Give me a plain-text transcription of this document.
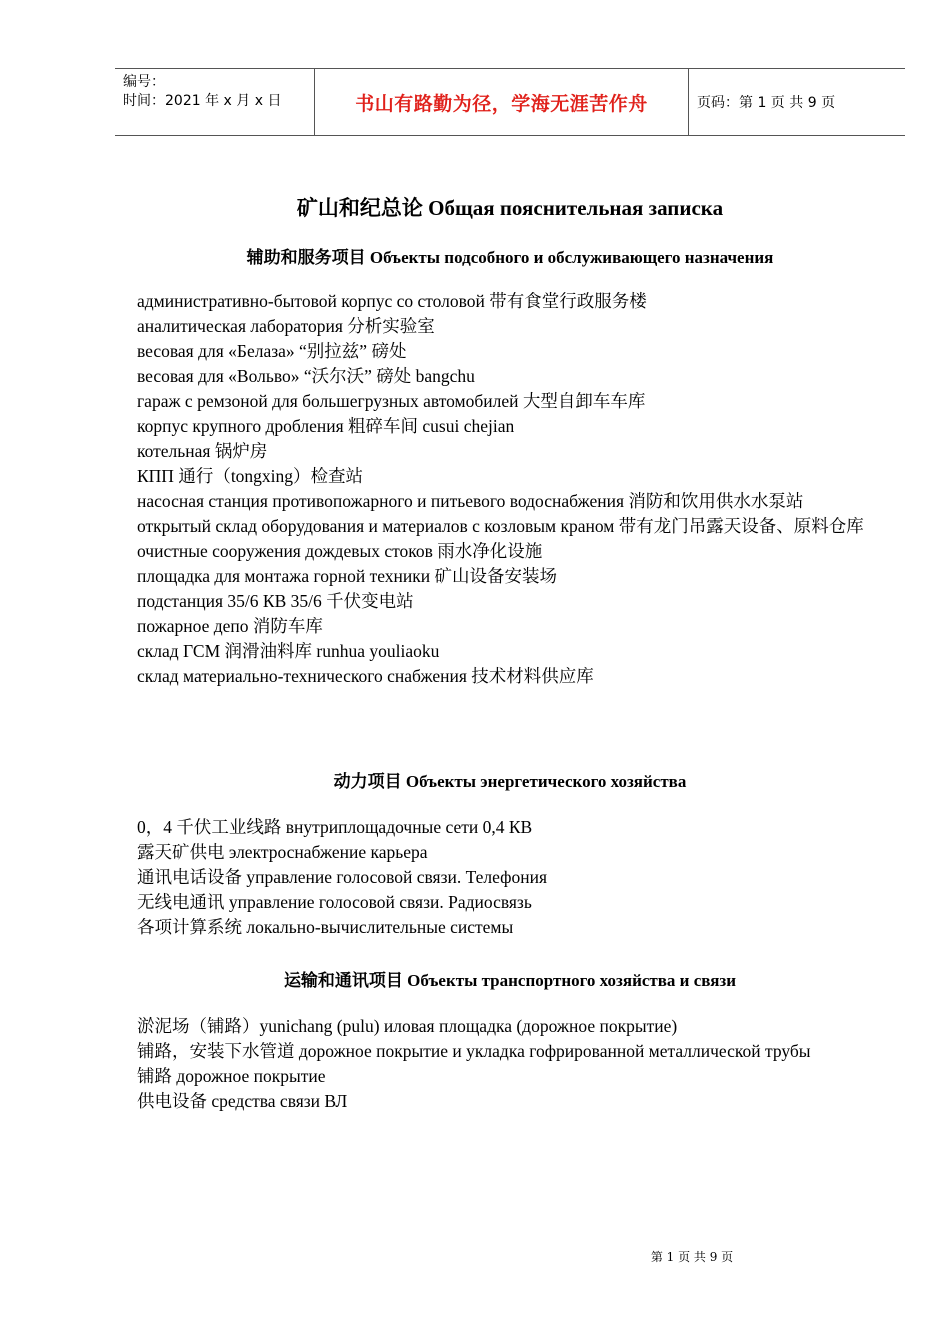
编号：
时间：2021 年 x 月 x 日	书山有路勤为径，学海无涯苦作舟	页码：第 1 页 共 9 页
矿山和纪总论 Общая пояснительная записка
辅助和服务项目 Объекты подсобного и обслуживающего назначения

административно-бытовой корпус со столовой 带有食堂行政服务楼

аналитическая лаборатория 分析实验室

весовая для «Белаза» “别拉兹” 磅处

весовая для «Вольво» “沃尔沃” 磅处 bangchu

гараж с ремзоной для большегрузных автомобилей 大型自卸车车库

корпус крупного дробления 粗碎车间 cusui chejian

котельная 锅炉房

КПП 通行（tongxing）检查站

насосная станция противопожарного и питьевого водоснабжения 消防和饮用供水水泵站

открытый склад оборудования и материалов с козловым краном 带有龙门吊露天设备、原料仓库

очистные сооружения дождевых стоков 雨水净化设施

площадка для монтажа горной техники 矿山设备安装场

подстанция 35/6 КВ 35/6 千伏变电站

пожарное депо 消防车库

склад ГСМ 润滑油料库 runhua youliaoku

склад материально-технического снабжения 技术材料供应库

动力项目 Объекты энергетического хозяйства

0，4 千伏工业线路 внутриплощадочные сети 0,4 КВ

露天矿供电 электроснабжение карьера

通讯电话设备 управление голосовой связи. Телефония

无线电通讯 управление голосовой связи. Радиосвязь

各项计算系统 локально-вычислительные системы

运输和通讯项目 Объекты транспортного хозяйства и связи

淤泥场（铺路）yunichang (pulu) иловая площадка (дорожное покрытие)

铺路，安装下水管道 дорожное покрытие и укладка гофрированной металлической трубы

铺路 дорожное покрытие

供电设备 средства связи ВЛ

第 1 页 共 9 页
